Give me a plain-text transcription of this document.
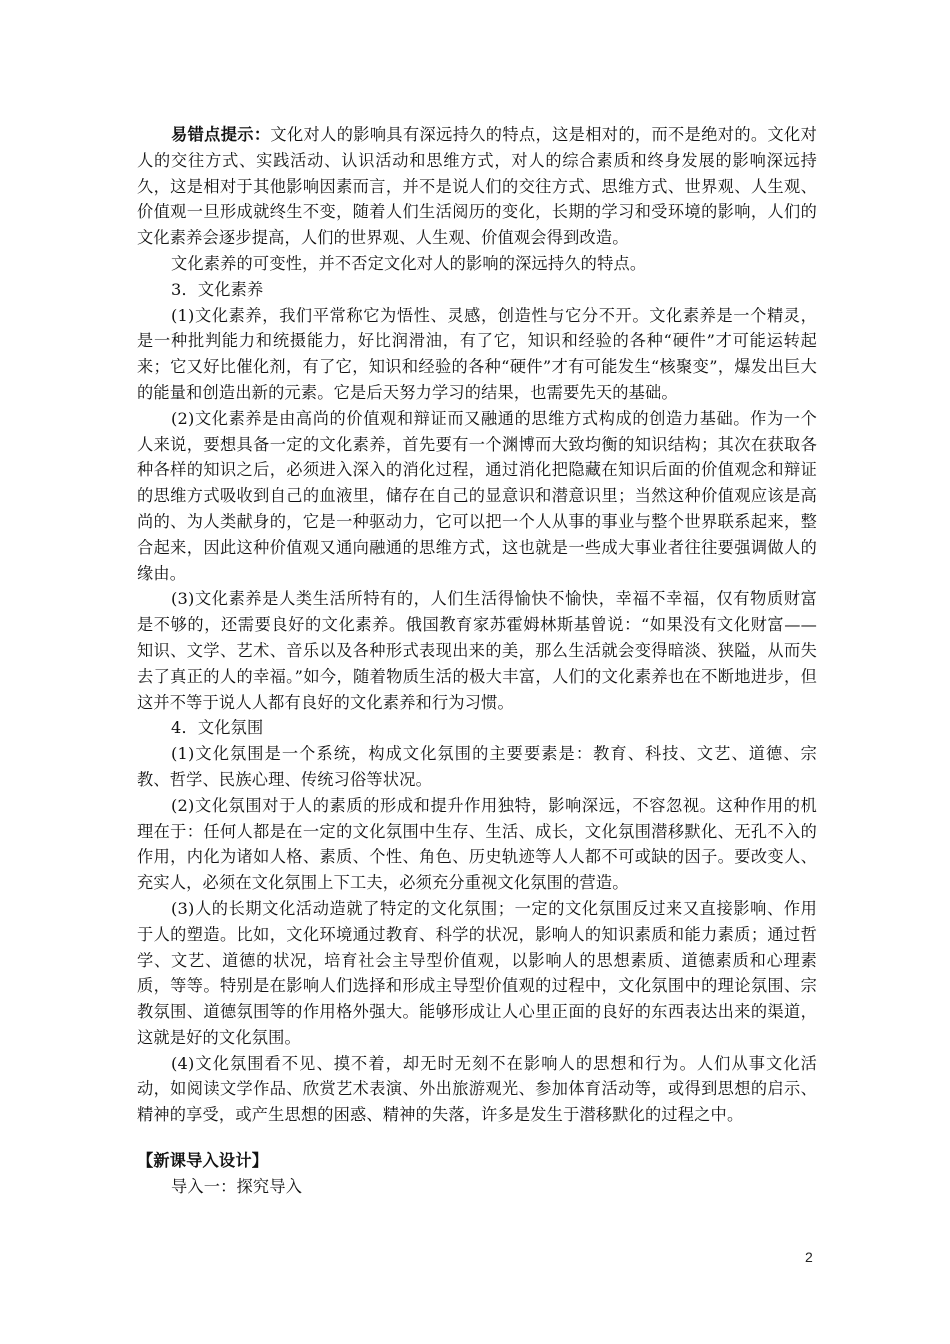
易错点提示：文化对人的影响具有深远持久的特点，这是相对的，而不是绝对的。文化对人的交往方式、实践活动、认识活动和思维方式，对人的综合素质和终身发展的影响深远持久，这是相对于其他影响因素而言，并不是说人们的交往方式、思维方式、世界观、人生观、价值观一旦形成就终生不变，随着人们生活阅历的变化，长期的学习和受环境的影响，人们的文化素养会逐步提高，人们的世界观、人生观、价值观会得到改造。

文化素养的可变性，并不否定文化对人的影响的深远持久的特点。

3．文化素养

(1)文化素养，我们平常称它为悟性、灵感，创造性与它分不开。文化素养是一个精灵，是一种批判能力和统摄能力，好比润滑油，有了它，知识和经验的各种“硬件”才可能运转起来；它又好比催化剂，有了它，知识和经验的各种“硬件”才有可能发生“核聚变”，爆发出巨大的能量和创造出新的元素。它是后天努力学习的结果，也需要先天的基础。

(2)文化素养是由高尚的价值观和辩证而又融通的思维方式构成的创造力基础。作为一个人来说，要想具备一定的文化素养，首先要有一个渊博而大致均衡的知识结构；其次在获取各种各样的知识之后，必须进入深入的消化过程，通过消化把隐藏在知识后面的价值观念和辩证的思维方式吸收到自己的血液里，储存在自己的显意识和潜意识里；当然这种价值观应该是高尚的、为人类献身的，它是一种驱动力，它可以把一个人从事的事业与整个世界联系起来，整合起来，因此这种价值观又通向融通的思维方式，这也就是一些成大事业者往往要强调做人的缘由。

(3)文化素养是人类生活所特有的，人们生活得愉快不愉快，幸福不幸福，仅有物质财富是不够的，还需要良好的文化素养。俄国教育家苏霍姆林斯基曾说：“如果没有文化财富——知识、文学、艺术、音乐以及各种形式表现出来的美，那么生活就会变得暗淡、狭隘，从而失去了真正的人的幸福。”如今，随着物质生活的极大丰富，人们的文化素养也在不断地进步，但这并不等于说人人都有良好的文化素养和行为习惯。

4．文化氛围

(1)文化氛围是一个系统，构成文化氛围的主要要素是：教育、科技、文艺、道德、宗教、哲学、民族心理、传统习俗等状况。

(2)文化氛围对于人的素质的形成和提升作用独特，影响深远，不容忽视。这种作用的机理在于：任何人都是在一定的文化氛围中生存、生活、成长，文化氛围潜移默化、无孔不入的作用，内化为诸如人格、素质、个性、角色、历史轨迹等人人都不可或缺的因子。要改变人、充实人，必须在文化氛围上下工夫，必须充分重视文化氛围的营造。

(3)人的长期文化活动造就了特定的文化氛围；一定的文化氛围反过来又直接影响、作用于人的塑造。比如，文化环境通过教育、科学的状况，影响人的知识素质和能力素质；通过哲学、文艺、道德的状况，培育社会主导型价值观，以影响人的思想素质、道德素质和心理素质，等等。特别是在影响人们选择和形成主导型价值观的过程中，文化氛围中的理论氛围、宗教氛围、道德氛围等的作用格外强大。能够形成让人心里正面的良好的东西表达出来的渠道，这就是好的文化氛围。

(4)文化氛围看不见、摸不着，却无时无刻不在影响人的思想和行为。人们从事文化活动，如阅读文学作品、欣赏艺术表演、外出旅游观光、参加体育活动等，或得到思想的启示、精神的享受，或产生思想的困惑、精神的失落，许多是发生于潜移默化的过程之中。

【新课导入设计】

导入一：探究导入

2
